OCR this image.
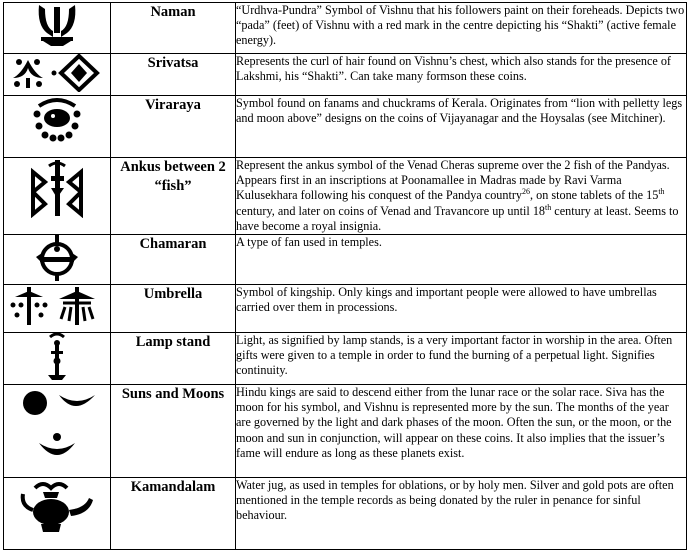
	Naman	“Urdhva-Pundra” Symbol of Vishnu that his followers paint on their foreheads. Depicts two “pada” (feet) of Vishnu with a red mark in the centre depicting his “Shakti” (active female energy).

	Srivatsa	Represents the curl of hair found on Vishnu’s chest, which also stands for the presence of Lakshmi, his “Shakti”. Can take many formson these coins.

	Viraraya	Symbol found on fanams and chuckrams of Kerala. Originates from “lion with pelletty legs and moon above” designs on the coins of Vijayanagar and the Hoysalas (see Mitchiner).

	Ankus between 2 “fish”	Represent the ankus symbol of the Venad Cheras supreme over the 2 fish of the Pandyas. Appears first in an inscriptions at Poonamallee in Madras made by Ravi Varma Kulusekhara following his conquest of the Pandya country$^{26}$, on stone tablets of the 15th century, and later on coins of Venad and Travancore up until 18th century at least. Seems to have become a royal insignia.

	Chamaran	A type of fan used in temples.

	Umbrella	Symbol of kingship. Only kings and important people were allowed to have umbrellas carried over them in processions.

	Lamp stand	Light, as signified by lamp stands, is a very important factor in worship in the area. Often gifts were given to a temple in order to fund the burning of a perpetual light. Signifies continuity.

	Suns and Moons	Hindu kings are said to descend either from the lunar race or the solar race. Siva has the moon for his symbol, and Vishnu is represented more by the sun. The months of the year are governed by the light and dark phases of the moon. Often the sun, or the moon, or the moon and sun in conjunction, will appear on these coins. It also implies that the issuer’s fame will endure as long as these planets exist.

	Kamandalam	Water jug, as used in temples for oblations, or by holy men. Silver and gold pots are often mentioned in the temple records as being donated by the ruler in penance for sinful behaviour.
